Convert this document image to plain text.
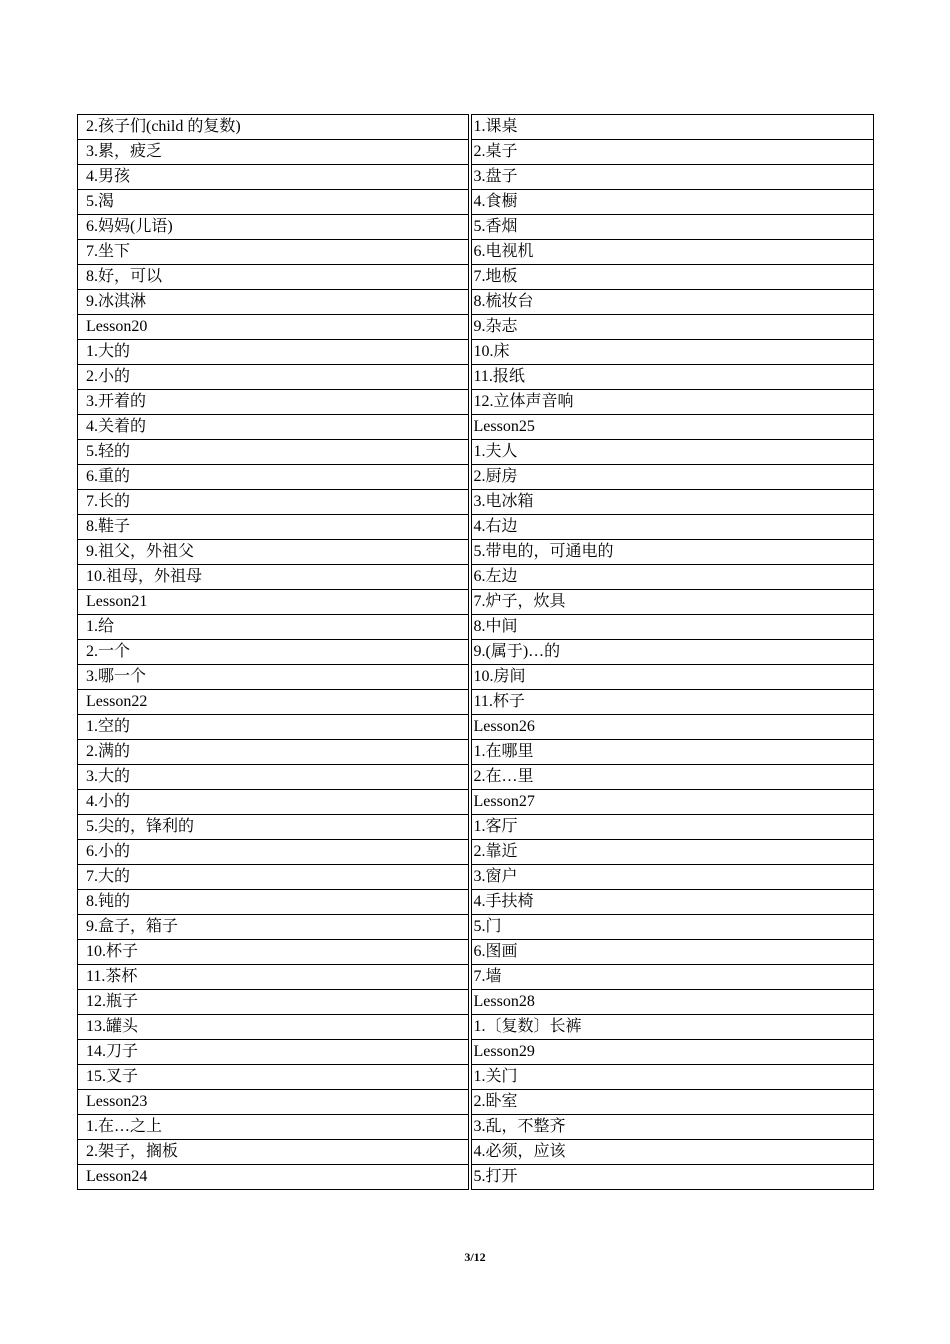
2.孩子们(child 的复数)	1.课桌
3.累，疲乏	2.桌子
4.男孩	3.盘子
5.渴	4.食橱
6.妈妈(儿语)	5.香烟
7.坐下	6.电视机
8.好，可以	7.地板
9.冰淇淋	8.梳妆台
Lesson20	9.杂志
1.大的	10.床
2.小的	11.报纸
3.开着的	12.立体声音响
4.关着的	Lesson25
5.轻的	1.夫人
6.重的	2.厨房
7.长的	3.电冰箱
8.鞋子	4.右边
9.祖父，外祖父	5.带电的，可通电的
10.祖母，外祖母	6.左边
Lesson21	7.炉子，炊具
1.给	8.中间
2.一个	9.(属于)…的
3.哪一个	10.房间
Lesson22	11.杯子
1.空的	Lesson26
2.满的	1.在哪里
3.大的	2.在…里
4.小的	Lesson27
5.尖的，锋利的	1.客厅
6.小的	2.靠近
7.大的	3.窗户
8.钝的	4.手扶椅
9.盒子，箱子	5.门
10.杯子	6.图画
11.茶杯	7.墙
12.瓶子	Lesson28
13.罐头	1.〔复数〕长裤
14.刀子	Lesson29
15.叉子	1.关门
Lesson23	2.卧室
1.在…之上	3.乱，不整齐
2.架子，搁板	4.必须，应该
Lesson24	5.打开
3/12
